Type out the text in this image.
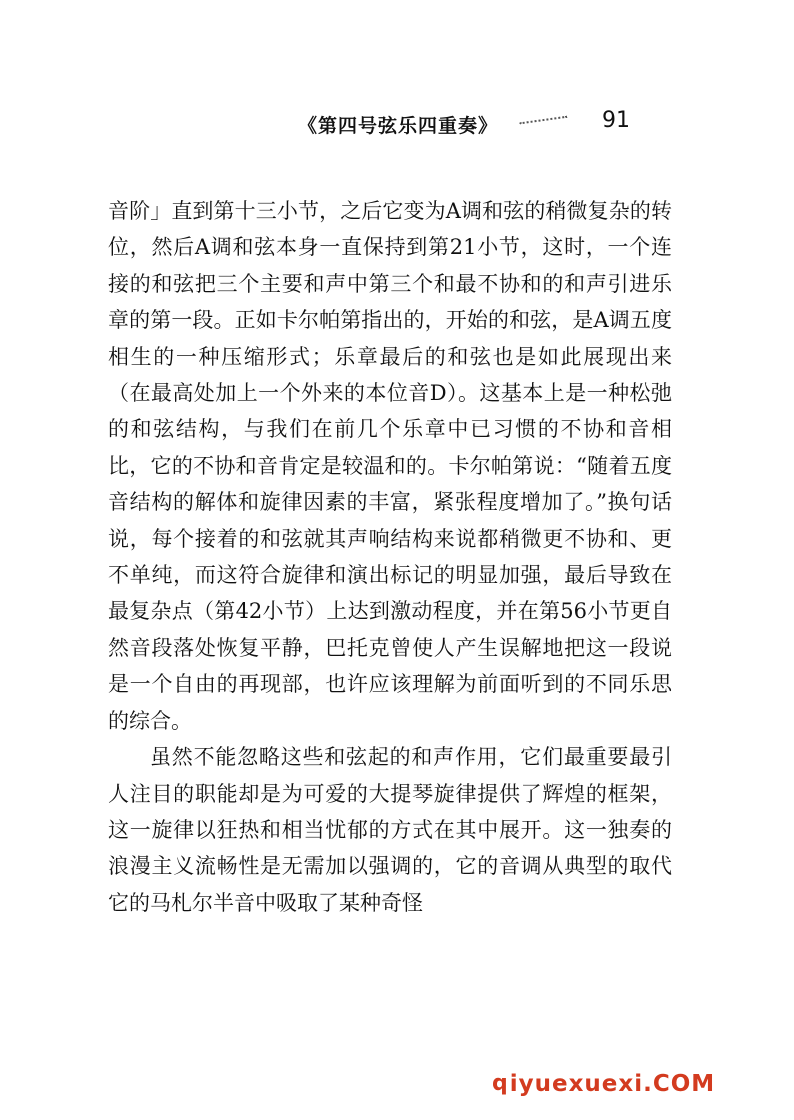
《第四号弦乐四重奏》	91

音阶」直到第十三小节，之后它变为A调和弦的稍微复杂的转位，然后A调和弦本身一直保持到第21小节，这时，一个连接的和弦把三个主要和声中第三个和最不协和的和声引进乐章的第一段。正如卡尔帕第指出的，开始的和弦，是A调五度相生的一种压缩形式；乐章最后的和弦也是如此展现出来（在最高处加上一个外来的本位音D）。这基本上是一种松弛的和弦结构，与我们在前几个乐章中已习惯的不协和音相比，它的不协和音肯定是较温和的。卡尔帕第说：“随着五度音结构的解体和旋律因素的丰富，紧张程度增加了。”换句话说，每个接着的和弦就其声响结构来说都稍微更不协和、更不单纯，而这符合旋律和演出标记的明显加强，最后导致在最复杂点（第42小节）上达到激动程度，并在第56小节更自然音段落处恢复平静，巴托克曾使人产生误解地把这一段说是一个自由的再现部，也许应该理解为前面听到的不同乐思的综合。

虽然不能忽略这些和弦起的和声作用，它们最重要最引人注目的职能却是为可爱的大提琴旋律提供了辉煌的框架，这一旋律以狂热和相当忧郁的方式在其中展开。这一独奏的浪漫主义流畅性是无需加以强调的，它的音调从典型的取代它的马札尔半音中吸取了某种奇怪

q iyuexuexi.COM
